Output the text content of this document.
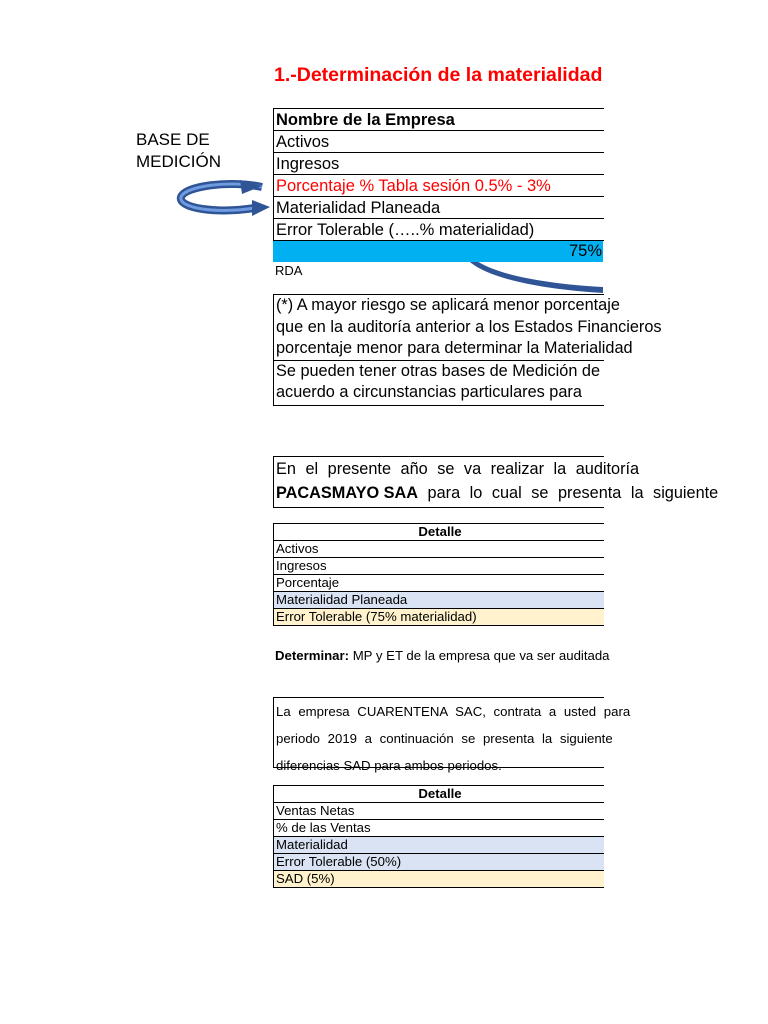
1.-Determinación de la materialidad
BASE DE
MEDICIÓN
Nombre de la Empresa
Activos
Ingresos
Porcentaje % Tabla sesión 0.5% - 3%
Materialidad Planeada
Error Tolerable (…..% materialidad)
75%
RDA
(*) A mayor riesgo se aplicará menor porcentaje
que en la auditoría anterior a los Estados Financieros
porcentaje menor para determinar la Materialidad
Se pueden tener otras bases de Medición de
acuerdo a circunstancias particulares para
En el presente año se va realizar la auditoría
PACASMAYO SAA para lo cual se presenta la siguiente
Detalle
Activos
Ingresos
Porcentaje
Materialidad Planeada
Error Tolerable (75% materialidad)
Determinar: MP y ET de la empresa que va ser auditada
La empresa CUARENTENA SAC, contrata a usted para
periodo 2019 a continuación se presenta la siguiente
diferencias SAD para ambos periodos.
Detalle
Ventas Netas
% de las Ventas
Materialidad
Error Tolerable (50%)
SAD (5%)
